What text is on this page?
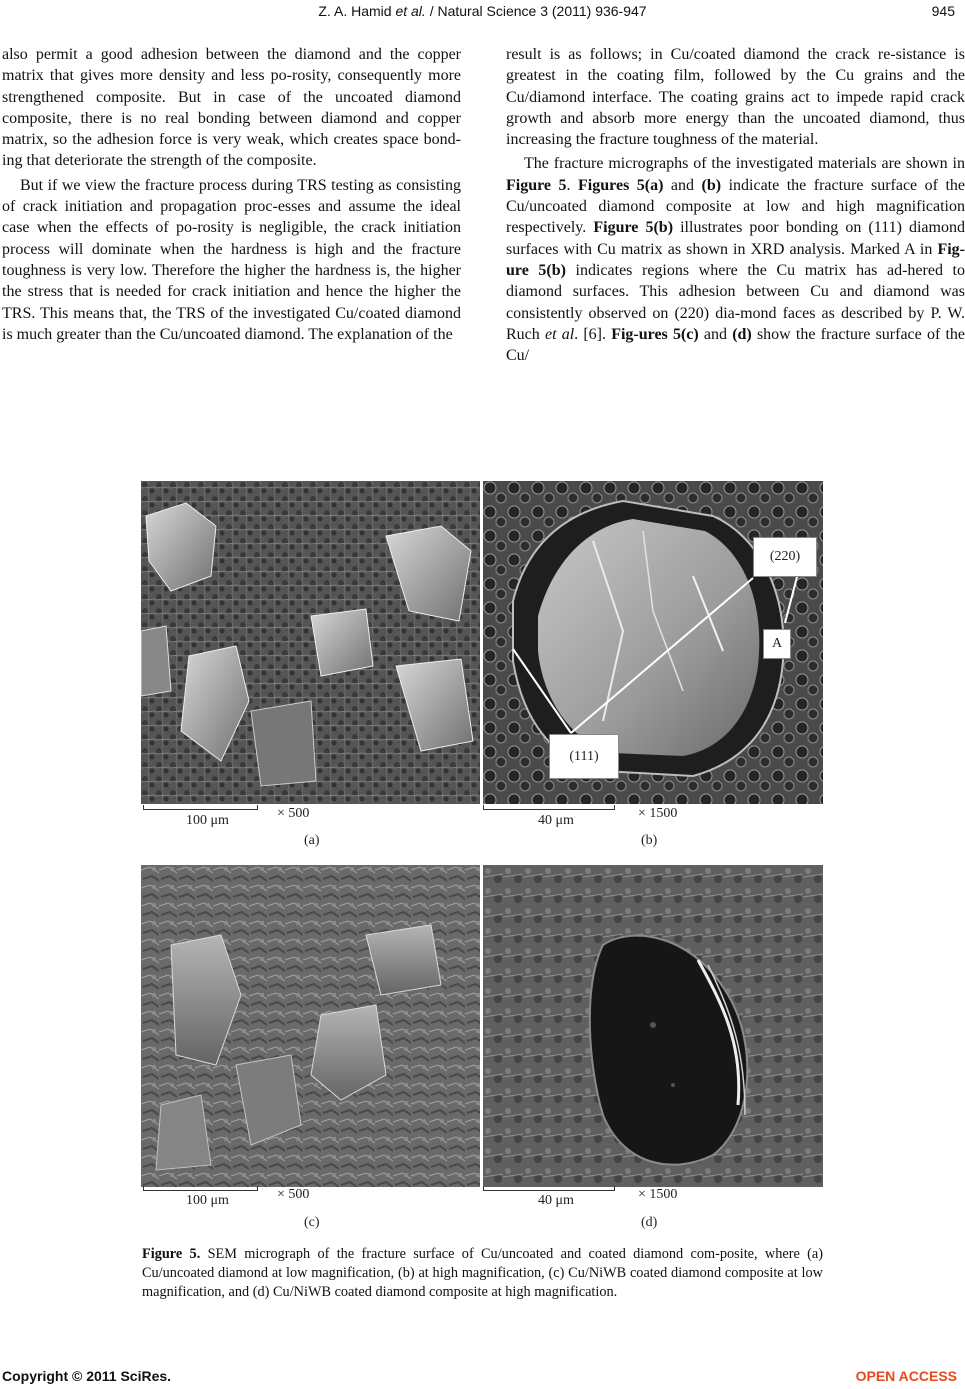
Z. A. Hamid et al. / Natural Science 3 (2011) 936-947	945

also permit a good adhesion between the diamond and the copper matrix that gives more density and less po-rosity, consequently more strengthened composite. But in case of the uncoated diamond composite, there is no real bonding between diamond and copper matrix, so the adhesion force is very weak, which creates space bond-ing that deteriorate the strength of the composite.

But if we view the fracture process during TRS testing as consisting of crack initiation and propagation proc-esses and assume the ideal case when the effects of po-rosity is negligible, the crack initiation process will dominate when the hardness is high and the fracture toughness is very low. Therefore the higher the hardness is, the higher the stress that is needed for crack initiation and hence the higher the TRS. This means that, the TRS of the investigated Cu/coated diamond is much greater than the Cu/uncoated diamond. The explanation of the

result is as follows; in Cu/coated diamond the crack re-sistance is greatest in the coating film, followed by the Cu grains and the Cu/diamond interface. The coating grains act to impede rapid crack growth and absorb more energy than the uncoated diamond, thus increasing the fracture toughness of the material.

The fracture micrographs of the investigated materials are shown in Figure 5. Figures 5(a) and (b) indicate the fracture surface of the Cu/uncoated diamond composite at low and high magnification respectively. Figure 5(b) illustrates poor bonding on (111) diamond surfaces with Cu matrix as shown in XRD analysis. Marked A in Fig-ure 5(b) indicates regions where the Cu matrix has ad-hered to diamond surfaces. This adhesion between Cu and diamond was consistently observed on (220) dia-mond faces as described by P. W. Ruch et al. [6]. Fig-ures 5(c) and (d) show the fracture surface of the Cu/

100 μm	× 500
(a)
(220)
A
(111)
40 μm	× 1500
(b)
100 μm	× 500
(c)
40 μm	× 1500
(d)
Figure 5. SEM micrograph of the fracture surface of Cu/uncoated and coated diamond com-posite, where (a) Cu/uncoated diamond at low magnification, (b) at high magnification, (c) Cu/NiWB coated diamond composite at low magnification, and (d) Cu/NiWB coated diamond composite at high magnification.
Copyright © 2011 SciRes.	OPEN ACCESS
